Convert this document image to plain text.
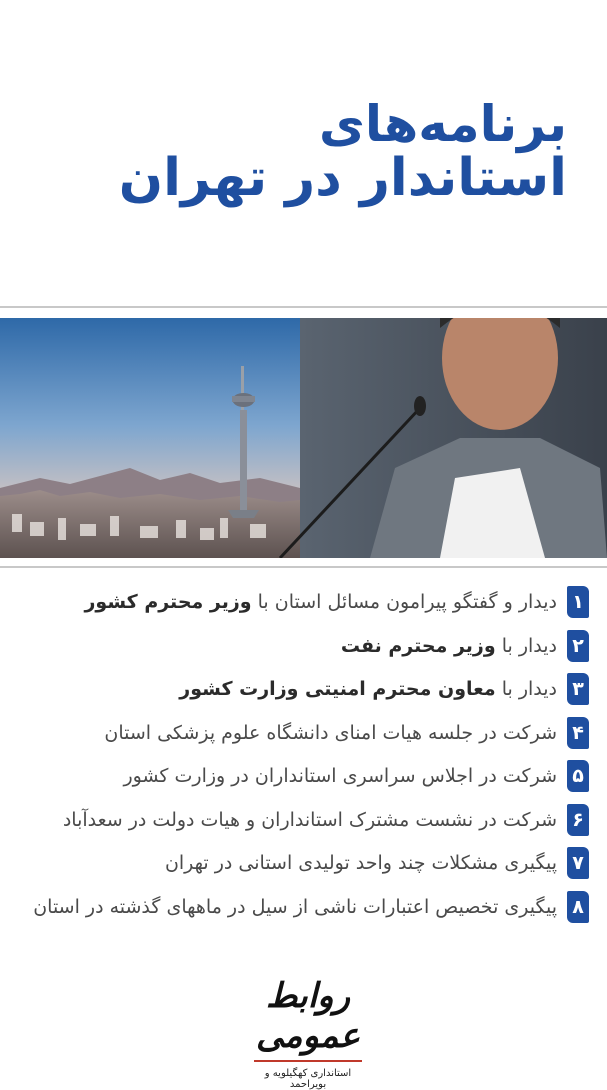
برنامه‌های
استاندار در تهران
۱
دیدار و گفتگو پیرامون مسائل استان با وزیر محترم کشور
۲
دیدار با وزیر محترم نفت
۳
دیدار با معاون محترم امنیتی وزارت کشور
۴
شرکت در جلسه هیات امنای دانشگاه علوم پزشکی استان
۵
شرکت در اجلاس سراسری استانداران در وزارت کشور
۶
شرکت در نشست مشترک استانداران و هیات دولت در سعدآباد
۷
پیگیری مشکلات چند واحد تولیدی استانی در تهران
۸
پیگیری تخصیص اعتبارات ناشی از سیل در ماههای گذشته در استان
روابط عمومی
استانداری کهگیلویه و بویراحمد
